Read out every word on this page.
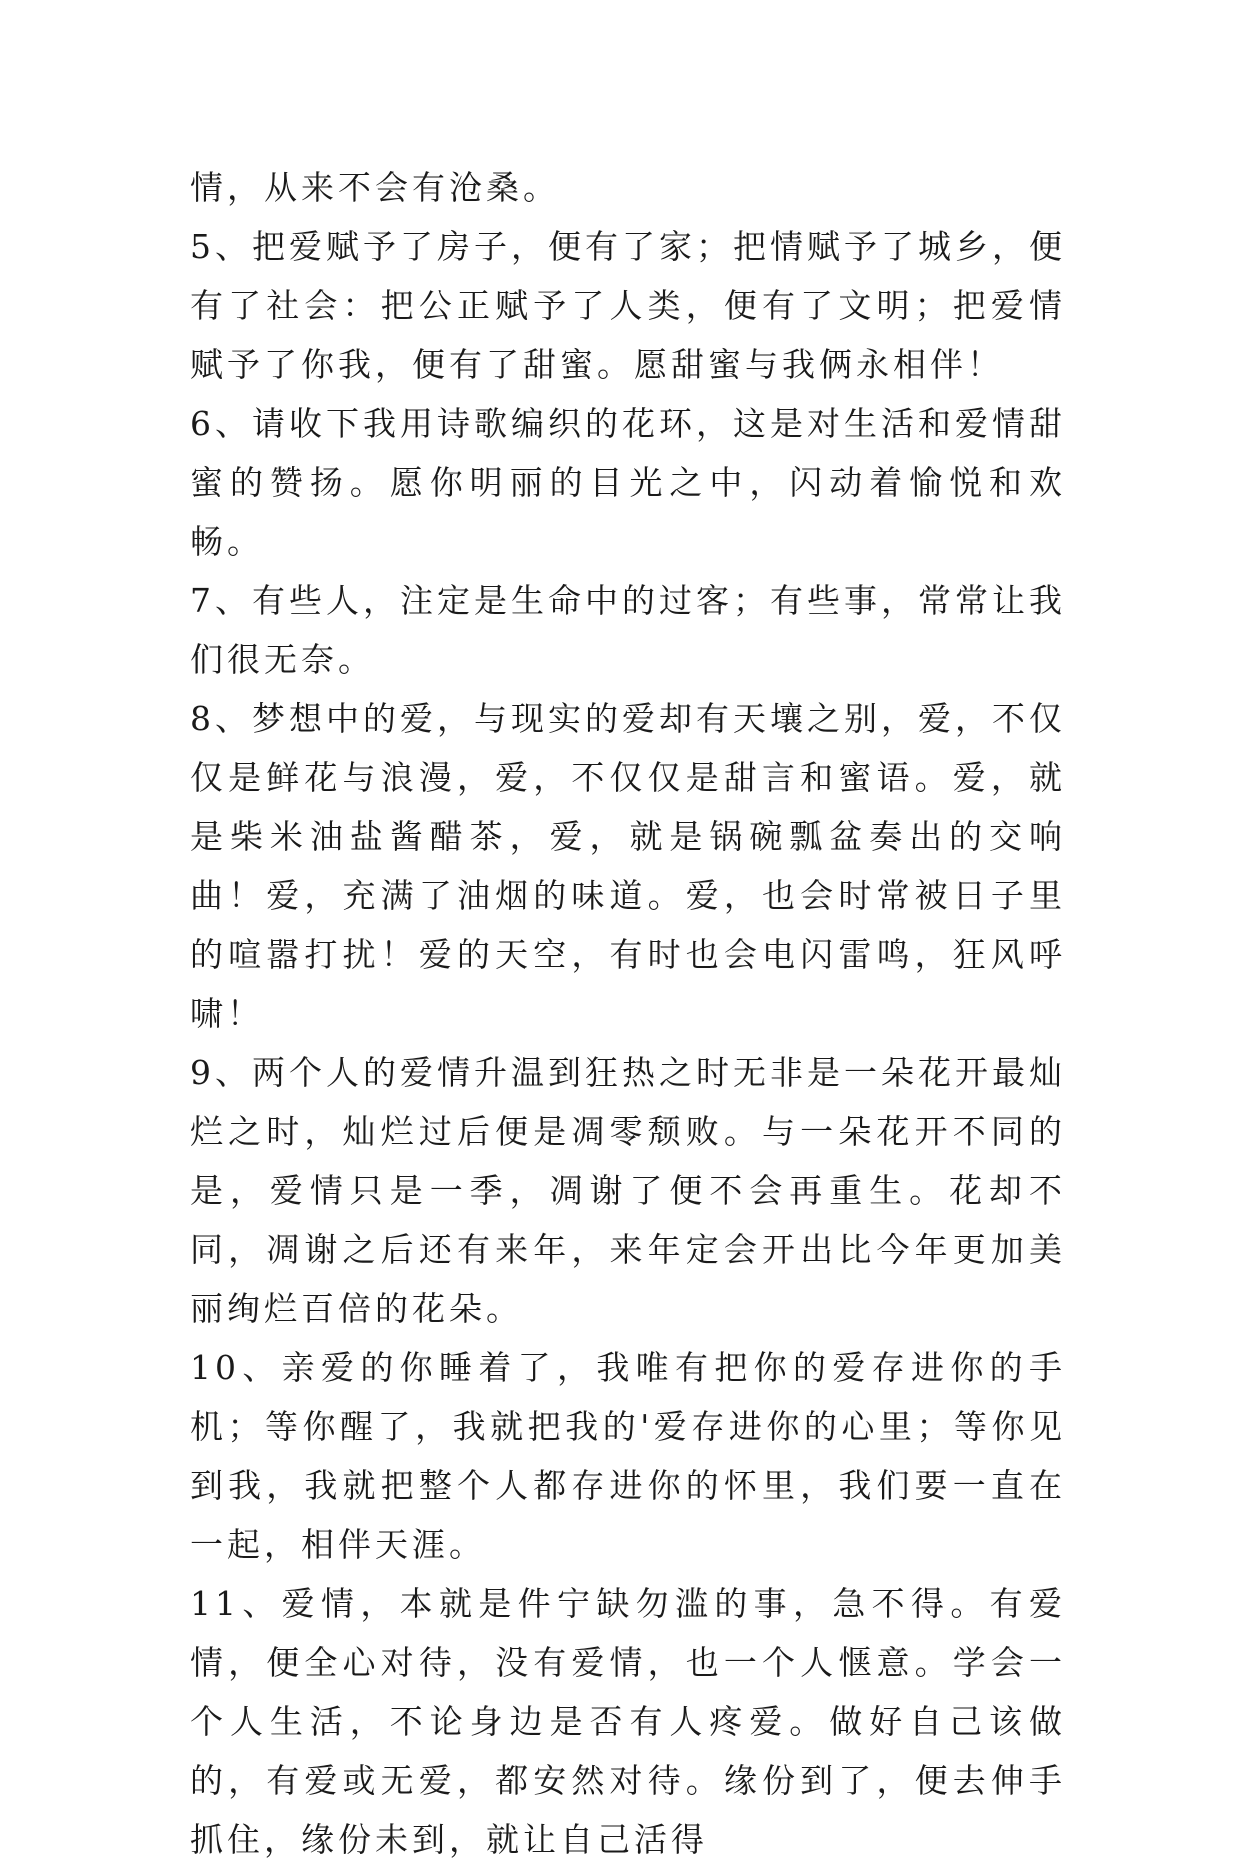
情，从来不会有沧桑。

5、把爱赋予了房子，便有了家；把情赋予了城乡，便有了社会：把公正赋予了人类，便有了文明；把爱情赋予了你我，便有了甜蜜。愿甜蜜与我俩永相伴！

6、请收下我用诗歌编织的花环，这是对生活和爱情甜蜜的赞扬。愿你明丽的目光之中，闪动着愉悦和欢畅。

7、有些人，注定是生命中的过客；有些事，常常让我们很无奈。

8、梦想中的爱，与现实的爱却有天壤之别，爱，不仅仅是鲜花与浪漫，爱，不仅仅是甜言和蜜语。爱，就是柴米油盐酱醋茶，爱，就是锅碗瓢盆奏出的交响曲！爱，充满了油烟的味道。爱，也会时常被日子里的喧嚣打扰！爱的天空，有时也会电闪雷鸣，狂风呼啸！

9、两个人的爱情升温到狂热之时无非是一朵花开最灿烂之时，灿烂过后便是凋零颓败。与一朵花开不同的是，爱情只是一季，凋谢了便不会再重生。花却不同，凋谢之后还有来年，来年定会开出比今年更加美丽绚烂百倍的花朵。

10、亲爱的你睡着了，我唯有把你的爱存进你的手机；等你醒了，我就把我的'爱存进你的心里；等你见到我，我就把整个人都存进你的怀里，我们要一直在一起，相伴天涯。

11、爱情，本就是件宁缺勿滥的事，急不得。有爱情，便全心对待，没有爱情，也一个人惬意。学会一个人生活，不论身边是否有人疼爱。做好自己该做的，有爱或无爱，都安然对待。缘份到了，便去伸手抓住，缘份未到，就让自己活得
